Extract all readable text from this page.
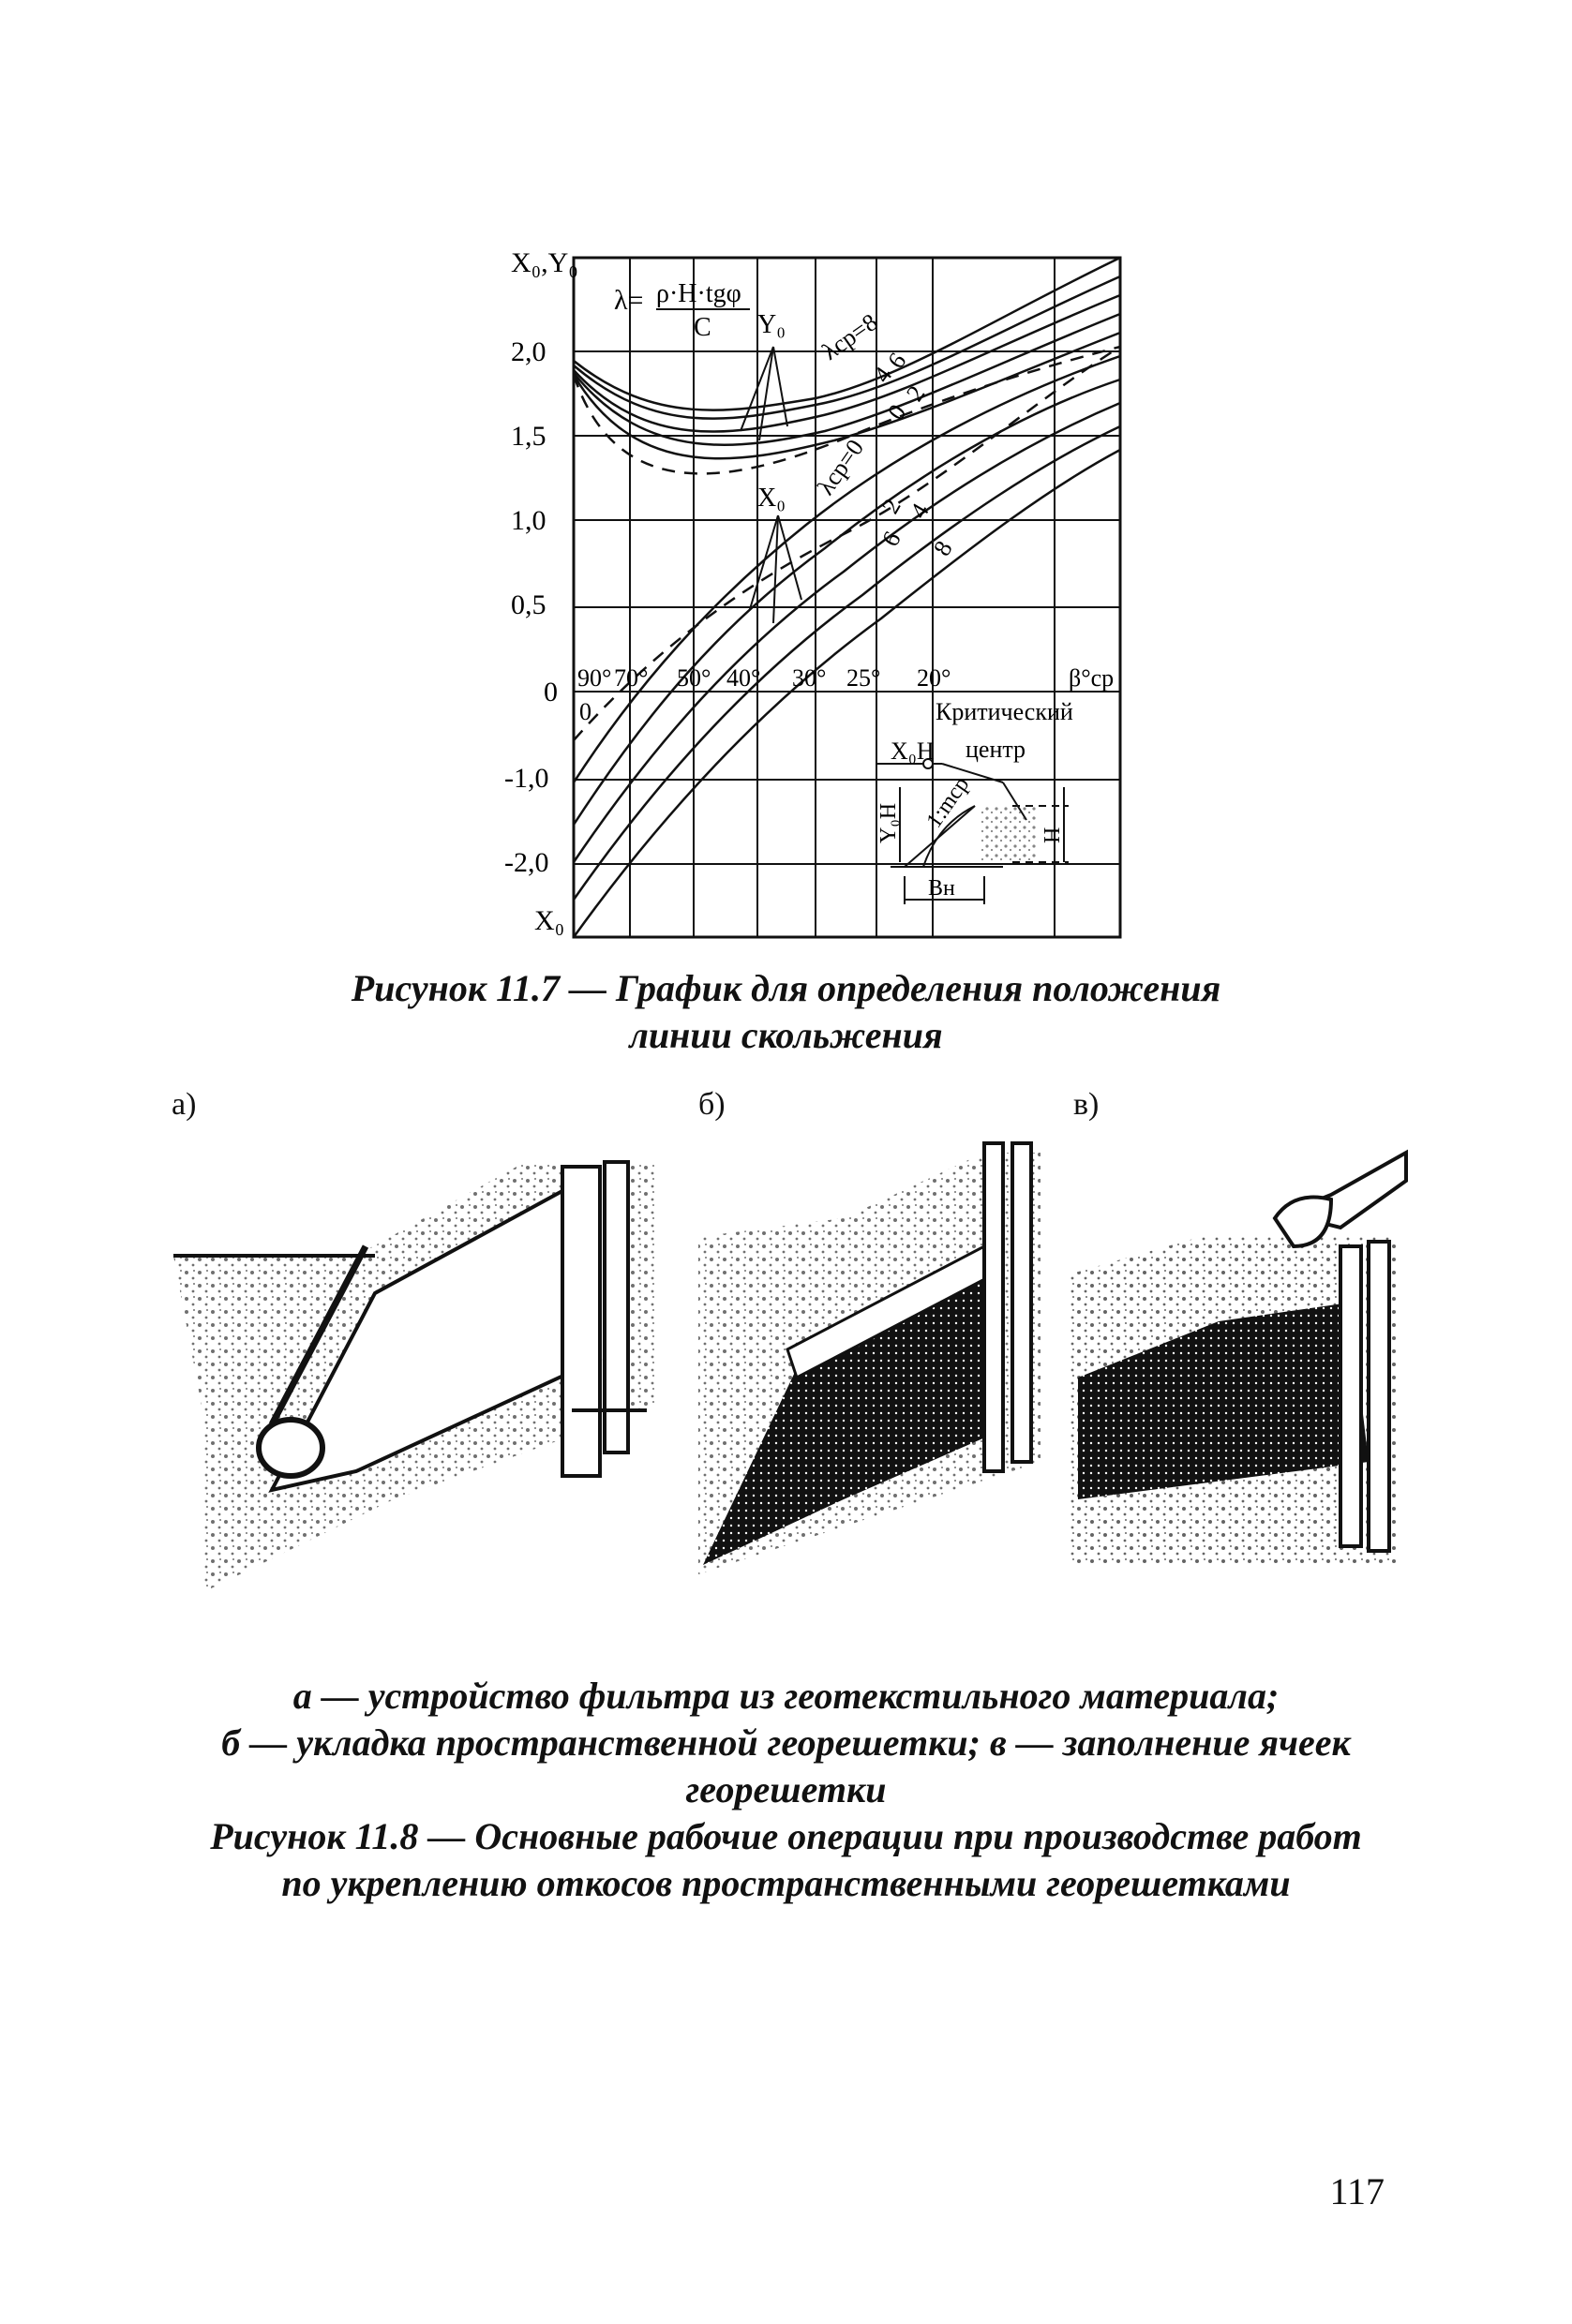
X₀,Y₀
2,0
1,5
1,0
0,5
0
-1,0
-2,0
X₀
λ= ρ·H·tgφ
C Y₀
X₀
λср=8
4
6
2
0
λср=0
2
4
6 8
90° 70° 50° 40° 30° 25° 20°	β°ср
0	Критический
X₀H центр
Y₀H 1:mср
H
Bн
Рисунок 11.7 — График для определения положения
линии скольжения
а)	б)	в)
а — устройство фильтра из геотекстильного материала;
б — укладка пространственной георешетки; в — заполнение ячеек
георешетки
Рисунок 11.8 — Основные рабочие операции при производстве работ
по укреплению откосов пространственными георешетками
117
